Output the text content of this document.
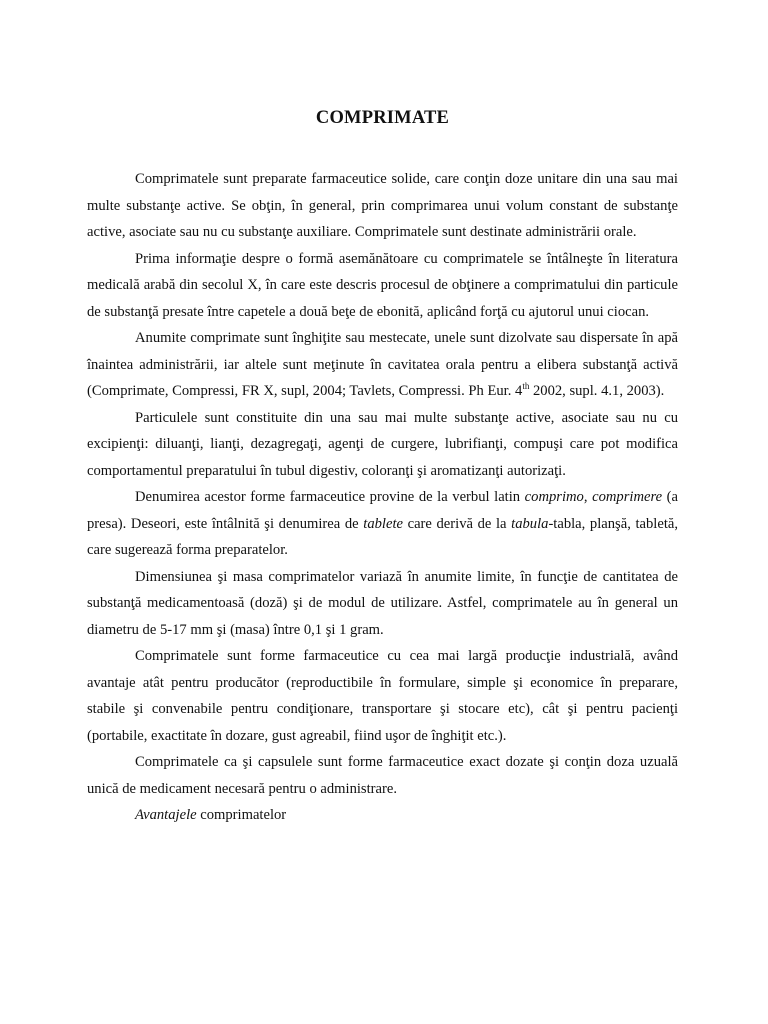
COMPRIMATE

Comprimatele sunt preparate farmaceutice solide, care conţin doze unitare din una sau mai multe substanţe active. Se obţin, în general, prin comprimarea unui volum constant de substanţe active, asociate sau nu cu substanţe auxiliare. Comprimatele sunt destinate administrării orale.

Prima informaţie despre o formă asemănătoare cu comprimatele se întâlneşte în literatura medicală arabă din secolul X, în care este descris procesul de obţinere a comprimatului din particule de substanţă presate între capetele a două beţe de ebonită, aplicând forţă cu ajutorul unui ciocan.

Anumite comprimate sunt înghiţite sau mestecate, unele sunt dizolvate sau dispersate în apă înaintea administrării, iar altele sunt meţinute în cavitatea orala pentru a elibera substanţă activă (Comprimate, Compressi, FR X, supl, 2004; Tavlets, Compressi. Ph Eur. 4th 2002, supl. 4.1, 2003).

Particulele sunt constituite din una sau mai multe substanţe active, asociate sau nu cu excipienţi: diluanţi, lianţi, dezagregaţi, agenţi de curgere, lubrifianţi, compuşi care pot modifica comportamentul preparatului în tubul digestiv, coloranţi şi aromatizanţi autorizaţi.

Denumirea acestor forme farmaceutice provine de la verbul latin comprimo, comprimere (a presa). Deseori, este întâlnită şi denumirea de tablete care derivă de la tabula-tabla, planşă, tabletă, care sugerează forma preparatelor.

Dimensiunea şi masa comprimatelor variază în anumite limite, în funcţie de cantitatea de substanţă medicamentoasă (doză) şi de modul de utilizare. Astfel, comprimatele au în general un diametru de 5-17 mm şi (masa) între 0,1 şi 1 gram.

Comprimatele sunt forme farmaceutice cu cea mai largă producţie industrială, având avantaje atât pentru producător (reproductibile în formulare, simple şi economice în preparare, stabile şi convenabile pentru condiţionare, transportare şi stocare etc), cât şi pentru pacienţi (portabile, exactitate în dozare, gust agreabil, fiind uşor de înghiţit etc.).

Comprimatele ca şi capsulele sunt forme farmaceutice exact dozate şi conţin doza uzuală unică de medicament necesară pentru o administrare.

Avantajele comprimatelor
